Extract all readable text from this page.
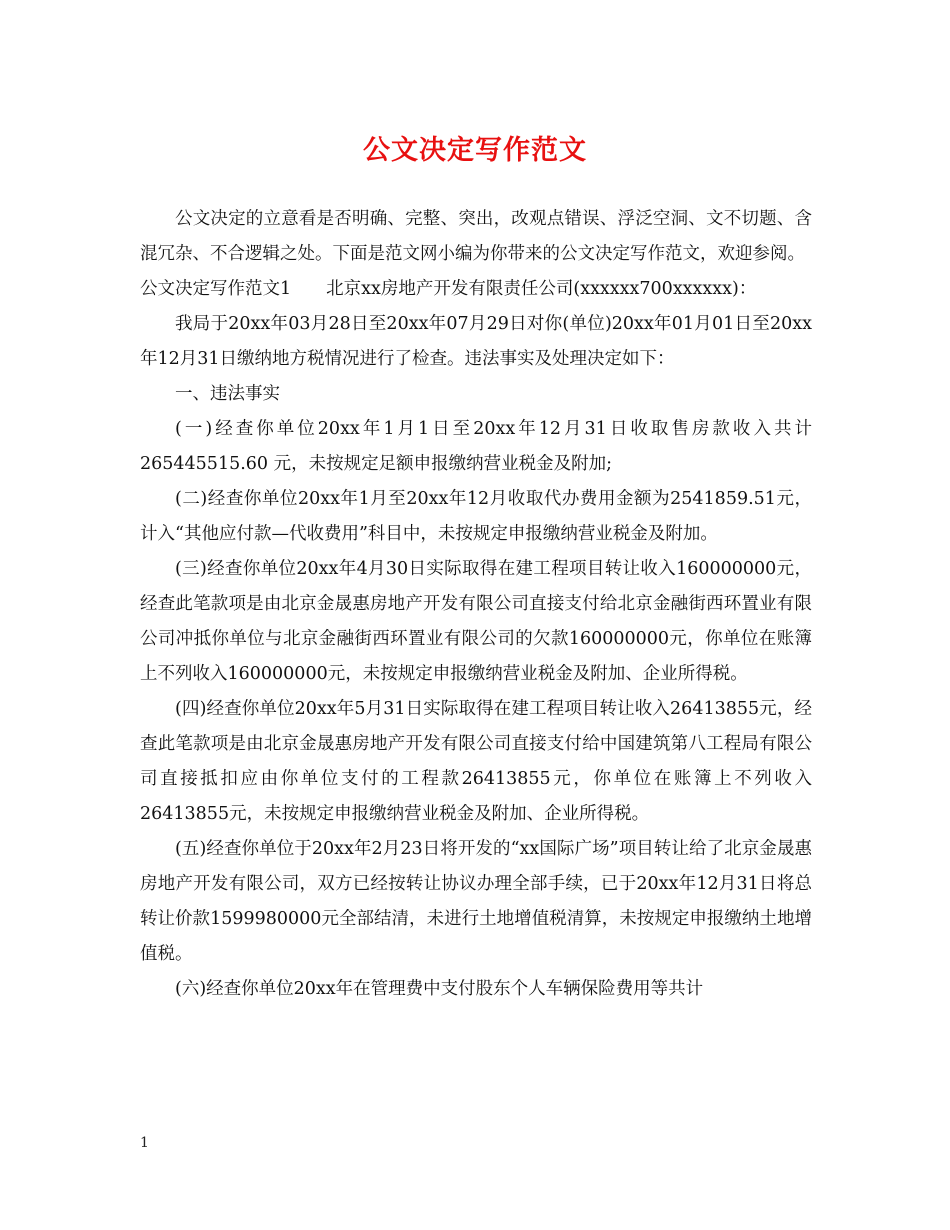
公文决定写作范文

公文决定的立意看是否明确、完整、突出，改观点错误、浮泛空洞、文不切题、含混冗杂、不合逻辑之处。下面是范文网小编为你带来的公文决定写作范文，欢迎参阅。

公文决定写作范文1　　北京xx房地产开发有限责任公司(xxxxxx700xxxxxx)：

我局于20xx年03月28日至20xx年07月29日对你(单位)20xx年01月01日至20xx年12月31日缴纳地方税情况进行了检查。违法事实及处理决定如下：

一、违法事实

(一)经查你单位20xx年1月1日至20xx年12月31日收取售房款收入共计265445515.60 元，未按规定足额申报缴纳营业税金及附加;

(二)经查你单位20xx年1月至20xx年12月收取代办费用金额为2541859.51元，计入“其他应付款—代收费用”科目中，未按规定申报缴纳营业税金及附加。

(三)经查你单位20xx年4月30日实际取得在建工程项目转让收入160000000元，经查此笔款项是由北京金晟惠房地产开发有限公司直接支付给北京金融街西环置业有限公司冲抵你单位与北京金融街西环置业有限公司的欠款160000000元，你单位在账簿上不列收入160000000元，未按规定申报缴纳营业税金及附加、企业所得税。

(四)经查你单位20xx年5月31日实际取得在建工程项目转让收入26413855元，经查此笔款项是由北京金晟惠房地产开发有限公司直接支付给中国建筑第八工程局有限公司直接抵扣应由你单位支付的工程款26413855元，你单位在账簿上不列收入26413855元，未按规定申报缴纳营业税金及附加、企业所得税。

(五)经查你单位于20xx年2月23日将开发的“xx国际广场”项目转让给了北京金晟惠房地产开发有限公司，双方已经按转让协议办理全部手续，已于20xx年12月31日将总转让价款1599980000元全部结清，未进行土地增值税清算，未按规定申报缴纳土地增值税。

(六)经查你单位20xx年在管理费中支付股东个人车辆保险费用等共计

1
